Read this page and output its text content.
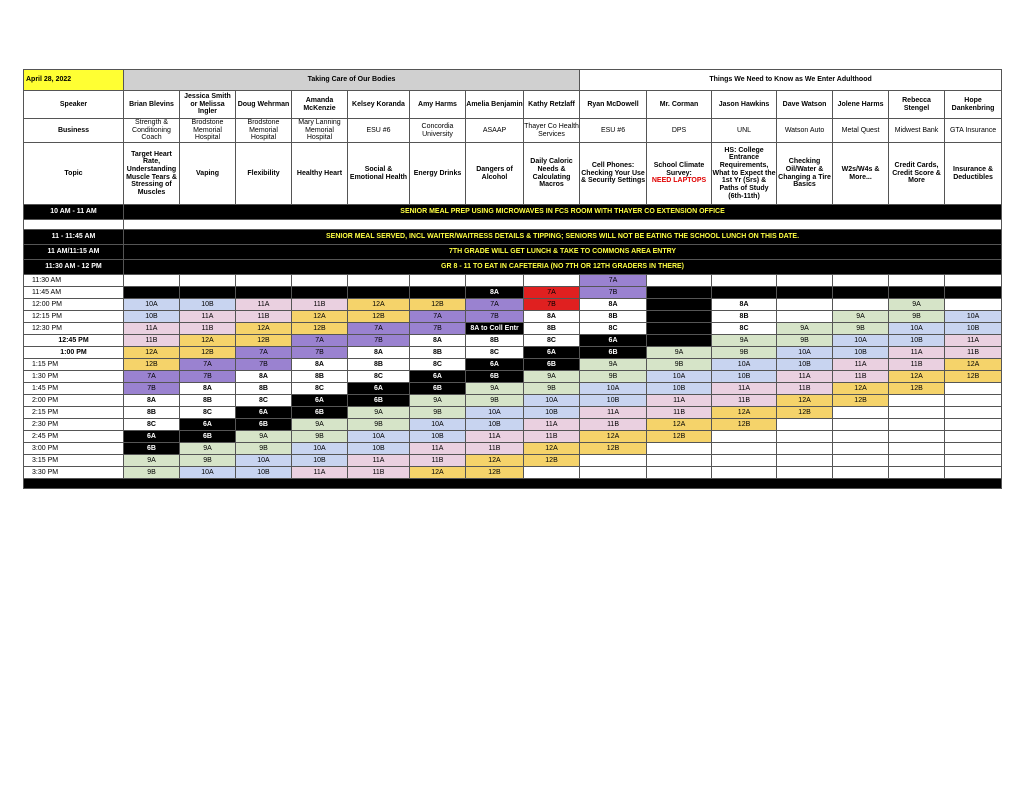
April 28, 2022	Taking Care of Our Bodies								Things We Need to Know as We Enter Adulthood						
Speaker	Brian Blevins	Jessica Smith or Melissa Ingler	Doug Wehrman	Amanda McKenzie	Kelsey Koranda	Amy Harms	Amelia Benjamin	Kathy Retzlaff	Ryan McDowell	Mr. Corman	Jason Hawkins	Dave Watson	Jolene Harms	Rebecca Stengel	Hope Dankenbring
Business	Strength & Conditioning Coach	Brodstone Memorial Hospital	Brodstone Memorial Hospital	Mary Lanning Memorial Hospital	ESU #6	Concordia University	ASAAP	Thayer Co Health Services	ESU #6	DPS	UNL	Watson Auto	Metal Quest	Midwest Bank	GTA Insurance
Topic	Target Heart Rate, Understanding Muscle Tears & Stressing of Muscles	Vaping	Flexibility	Healthy Heart	Social & Emotional Health	Energy Drinks	Dangers of Alcohol	Daily Caloric Needs & Calculating Macros	Cell Phones: Checking Your Use & Security Settings	School Climate Survey:
NEED LAPTOPS	HS: College Entrance Requirements, What to Expect the 1st Yr (Srs) & Paths of Study (6th-11th)	Checking Oil/Water & Changing a Tire Basics	W2s/W4s & More...	Credit Cards, Credit Score & More	Insurance & Deductibles
10 AM - 11 AM	SENIOR MEAL PREP USING MICROWAVES IN FCS ROOM WITH THAYER CO EXTENSION OFFICE														

11 - 11:45 AM	SENIOR MEAL SERVED, INCL WAITER/WAITRESS DETAILS & TIPPING; SENIORS WILL NOT BE EATING THE SCHOOL LUNCH ON THIS DATE.														
11 AM/11:15 AM	7TH GRADE WILL GET LUNCH & TAKE TO COMMONS AREA ENTRY														
11:30 AM - 12 PM	GR 8 - 11 TO EAT IN CAFETERIA (NO 7TH OR 12TH GRADERS IN THERE)														
11:30 AM									7A						
11:45 AM							8A	7A	7B						
12:00 PM	10A	10B	11A	11B	12A	12B	7A	7B	8A		8A			9A	
12:15 PM	10B	11A	11B	12A	12B	7A	7B	8A	8B		8B		9A	9B	10A
12:30 PM	11A	11B	12A	12B	7A	7B	8A to Coll Entr	8B	8C		8C	9A	9B	10A	10B
12:45 PM	11B	12A	12B	7A	7B	8A	8B	8C	6A		9A	9B	10A	10B	11A
1:00 PM	12A	12B	7A	7B	8A	8B	8C	6A	6B	9A	9B	10A	10B	11A	11B
1:15 PM	12B	7A	7B	8A	8B	8C	6A	6B	9A	9B	10A	10B	11A	11B	12A
1:30 PM	7A	7B	8A	8B	8C	6A	6B	9A	9B	10A	10B	11A	11B	12A	12B
1:45 PM	7B	8A	8B	8C	6A	6B	9A	9B	10A	10B	11A	11B	12A	12B	
2:00 PM	8A	8B	8C	6A	6B	9A	9B	10A	10B	11A	11B	12A	12B		
2:15 PM	8B	8C	6A	6B	9A	9B	10A	10B	11A	11B	12A	12B			
2:30 PM	8C	6A	6B	9A	9B	10A	10B	11A	11B	12A	12B				
2:45 PM	6A	6B	9A	9B	10A	10B	11A	11B	12A	12B					
3:00 PM	6B	9A	9B	10A	10B	11A	11B	12A	12B						
3:15 PM	9A	9B	10A	10B	11A	11B	12A	12B							
3:30 PM	9B	10A	10B	11A	11B	12A	12B								
